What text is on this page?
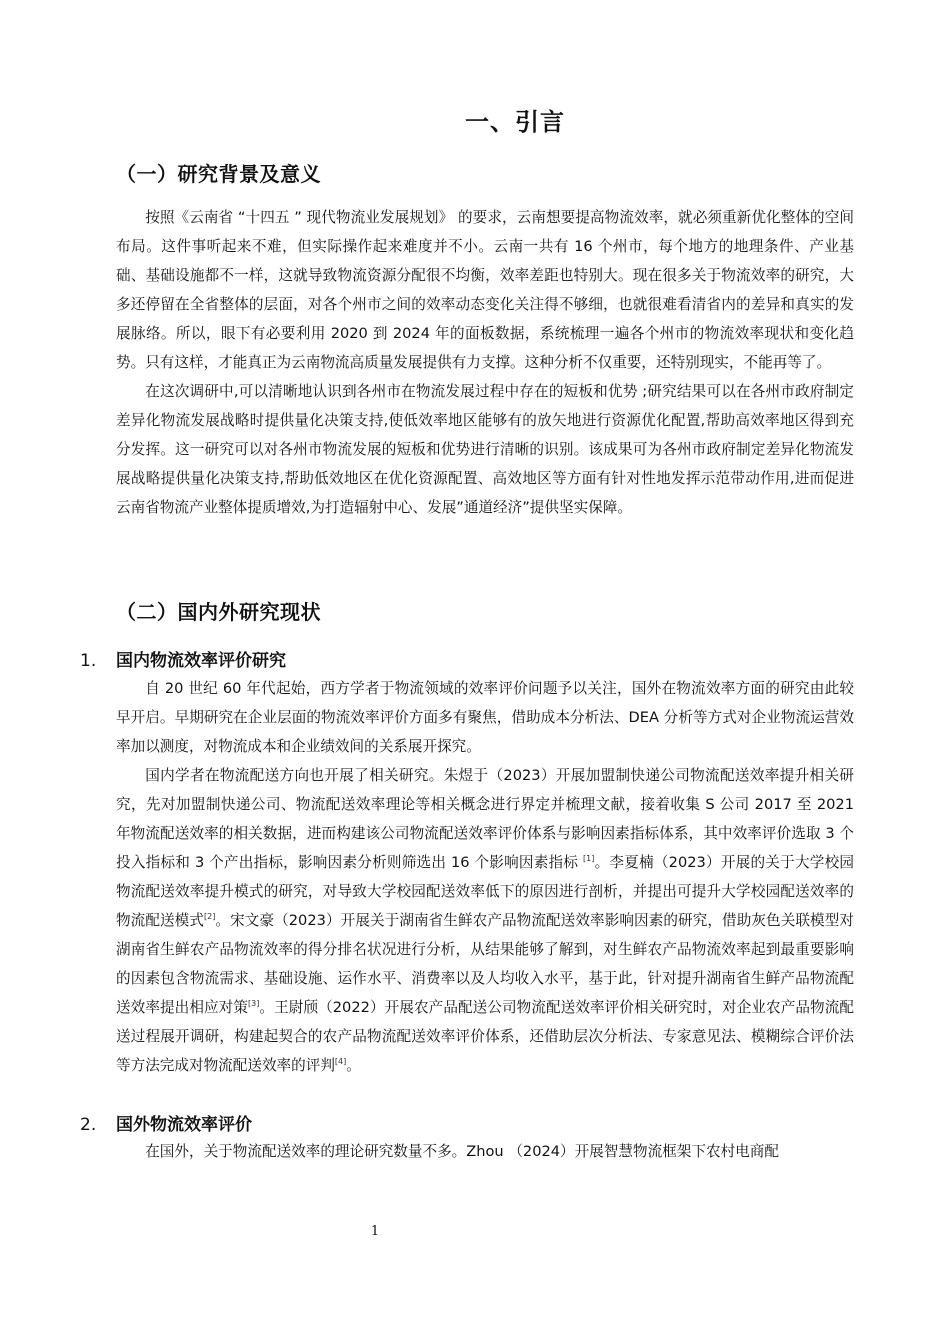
一、引言
（一）研究背景及意义

按照《云南省 “十四五 ” 现代物流业发展规划》 的要求，云南想要提高物流效率，就必须重新优化整体的空间布局。这件事听起来不难，但实际操作起来难度并不小。云南一共有 16 个州市，每个地方的地理条件、产业基础、基础设施都不一样，这就导致物流资源分配很不均衡，效率差距也特别大。现在很多关于物流效率的研究，大多还停留在全省整体的层面，对各个州市之间的效率动态变化关注得不够细，也就很难看清省内的差异和真实的发展脉络。所以，眼下有必要利用 2020 到 2024 年的面板数据，系统梳理一遍各个州市的物流效率现状和变化趋势。只有这样，才能真正为云南物流高质量发展提供有力支撑。这种分析不仅重要，还特别现实，不能再等了。

在这次调研中,可以清晰地认识到各州市在物流发展过程中存在的短板和优势 ;研究结果可以在各州市政府制定差异化物流发展战略时提供量化决策支持,使低效率地区能够有的放矢地进行资源优化配置,帮助高效率地区得到充分发挥。这一研究可以对各州市物流发展的短板和优势进行清晰的识别。该成果可为各州市政府制定差异化物流发展战略提供量化决策支持,帮助低效地区在优化资源配置、高效地区等方面有针对性地发挥示范带动作用,进而促进云南省物流产业整体提质增效,为打造辐射中心、发展”通道经济”提供坚实保障。

（二）国内外研究现状
1. 国内物流效率评价研究

自 20 世纪 60 年代起始，西方学者于物流领域的效率评价问题予以关注，国外在物流效率方面的研究由此较早开启。早期研究在企业层面的物流效率评价方面多有聚焦，借助成本分析法、DEA 分析等方式对企业物流运营效率加以测度，对物流成本和企业绩效间的关系展开探究。

国内学者在物流配送方向也开展了相关研究。朱煜于（2023）开展加盟制快递公司物流配送效率提升相关研究，先对加盟制快递公司、物流配送效率理论等相关概念进行界定并梳理文献，接着收集 S 公司 2017 至 2021 年物流配送效率的相关数据，进而构建该公司物流配送效率评价体系与影响因素指标体系，其中效率评价选取 3 个投入指标和 3 个产出指标，影响因素分析则筛选出 16 个影响因素指标 [1]。李夏楠（2023）开展的关于大学校园物流配送效率提升模式的研究，对导致大学校园配送效率低下的原因进行剖析，并提出可提升大学校园配送效率的物流配送模式[2]。宋文豪（2023）开展关于湖南省生鲜农产品物流配送效率影响因素的研究，借助灰色关联模型对湖南省生鲜农产品物流效率的得分排名状况进行分析，从结果能够了解到，对生鲜农产品物流效率起到最重要影响的因素包含物流需求、基础设施、运作水平、消费率以及人均收入水平，基于此，针对提升湖南省生鲜产品物流配送效率提出相应对策[3]。王尉颀（2022）开展农产品配送公司物流配送效率评价相关研究时，对企业农产品物流配送过程展开调研，构建起契合的农产品物流配送效率评价体系，还借助层次分析法、专家意见法、模糊综合评价法等方法完成对物流配送效率的评判[4]。

2. 国外物流效率评价

在国外，关于物流配送效率的理论研究数量不多。Zhou （2024）开展智慧物流框架下农村电商配

1
